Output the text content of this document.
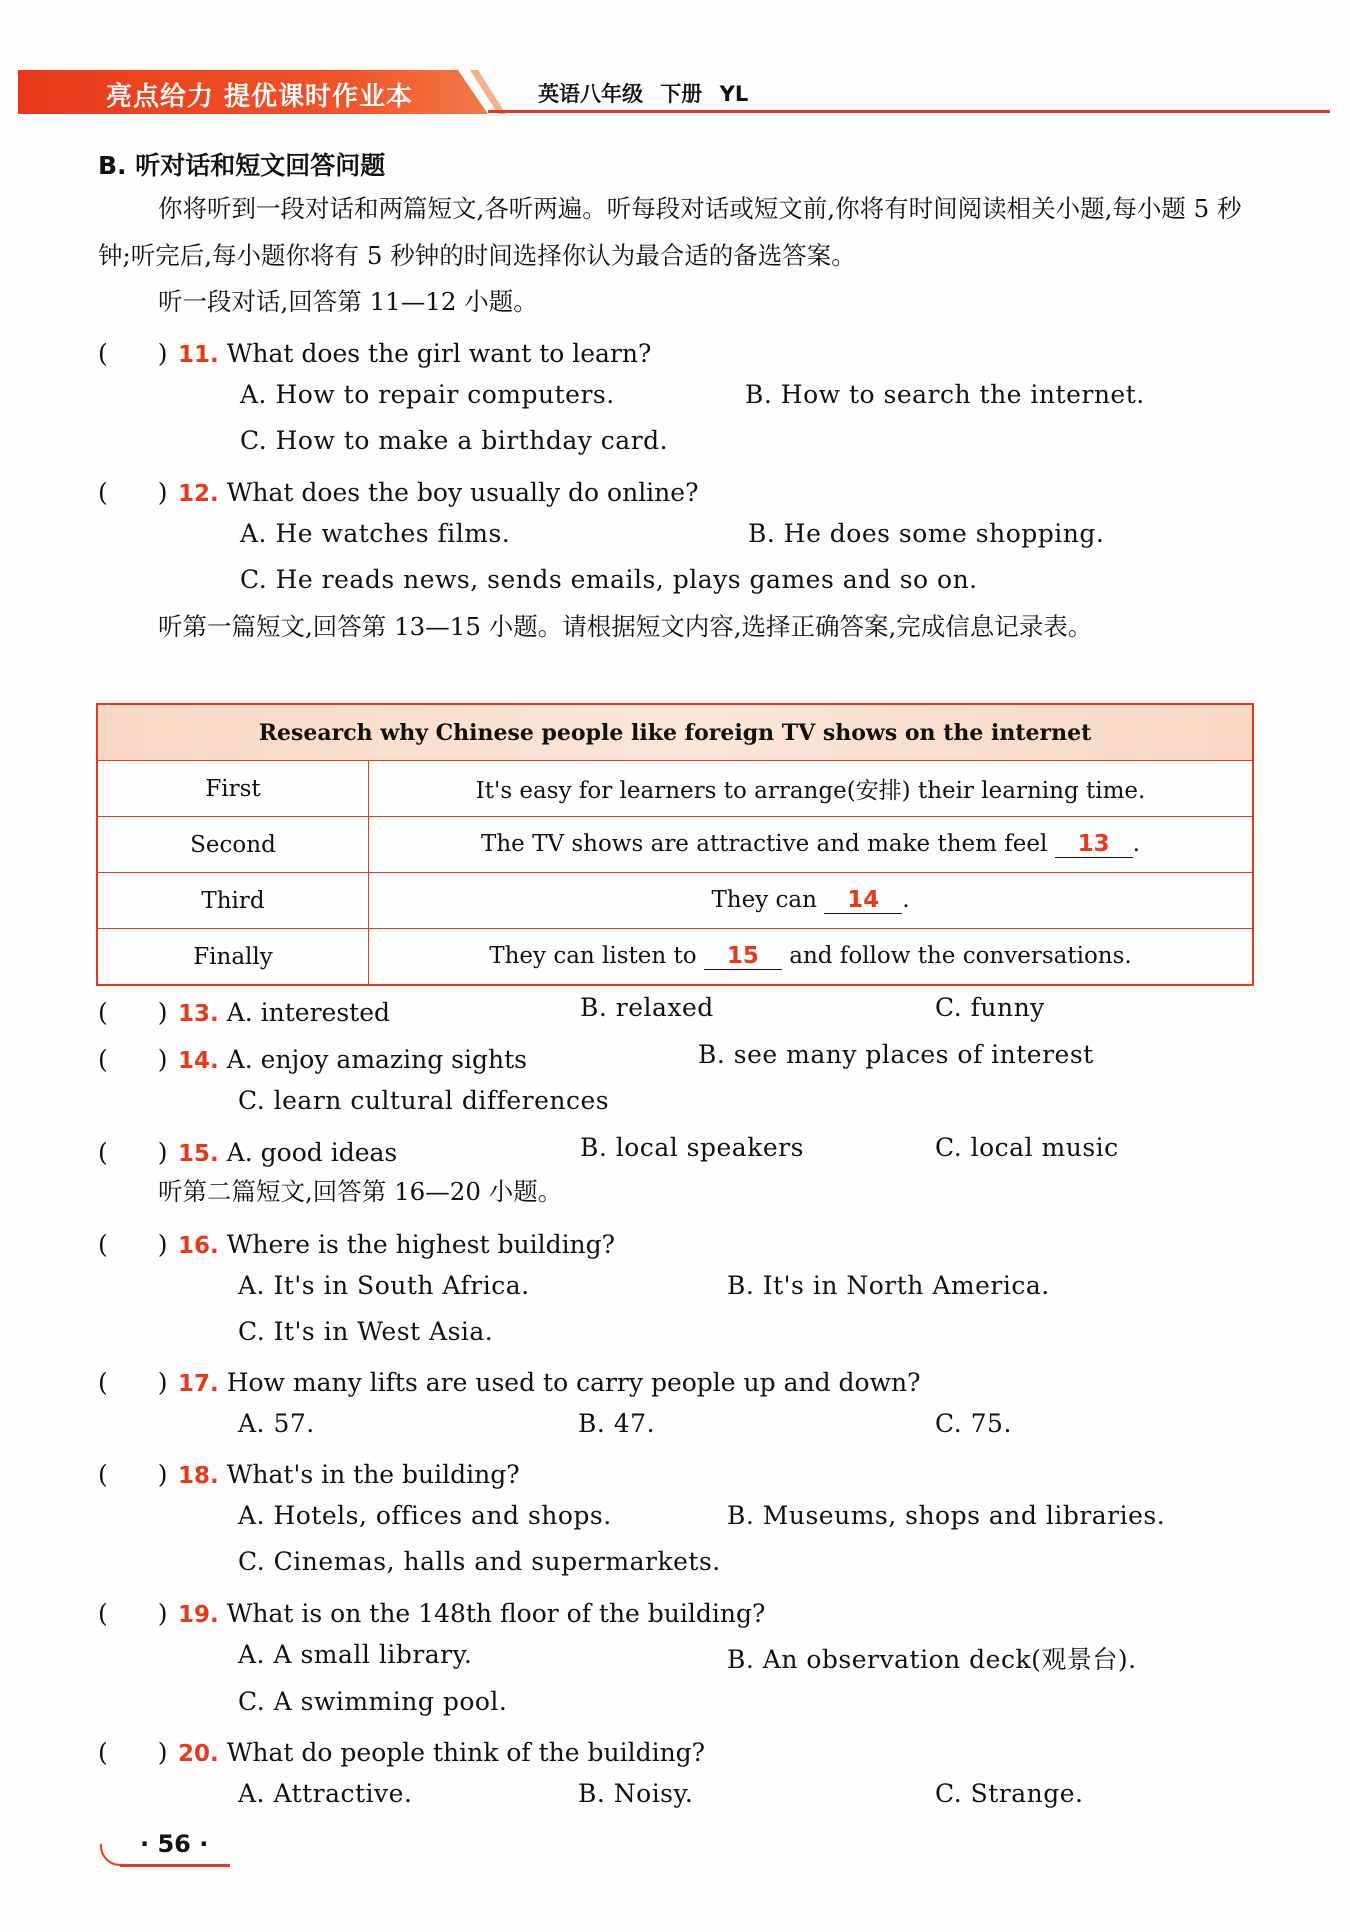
亮点给力 提优课时作业本	英语八年级 下册 YL
B. 听对话和短文回答问题
你将听到一段对话和两篇短文,各听两遍。听每段对话或短文前,你将有时间阅读相关小题,每小题 5 秒钟;听完后,每小题你将有 5 秒钟的时间选择你认为最合适的备选答案。
听一段对话,回答第 11—12 小题。
(　　) 11. What does the girl want to learn?
A. How to repair computers.	B. How to search the internet.
C. How to make a birthday card.
(　　) 12. What does the boy usually do online?
A. He watches films.	B. He does some shopping.
C. He reads news, sends emails, plays games and so on.
听第一篇短文,回答第 13—15 小题。请根据短文内容,选择正确答案,完成信息记录表。
Research why Chinese people like foreign TV shows on the internet	
First	It's easy for learners to arrange(安排) their learning time.
Second	The TV shows are attractive and make them feel 13 .
Third	They can 14 .
Finally	They can listen to 15 and follow the conversations.
(　　) 13. A. interested	B. relaxed	C. funny
(　　) 14. A. enjoy amazing sights	B. see many places of interest
C. learn cultural differences
(　　) 15. A. good ideas	B. local speakers	C. local music
听第二篇短文,回答第 16—20 小题。
(　　) 16. Where is the highest building?
A. It's in South Africa.	B. It's in North America.
C. It's in West Asia.
(　　) 17. How many lifts are used to carry people up and down?
A. 57.	B. 47.	C. 75.
(　　) 18. What's in the building?
A. Hotels, offices and shops.	B. Museums, shops and libraries.
C. Cinemas, halls and supermarkets.
(　　) 19. What is on the 148th floor of the building?
A. A small library.	B. An observation deck(观景台).
C. A swimming pool.
(　　) 20. What do people think of the building?
A. Attractive.	B. Noisy.	C. Strange.
· 56 ·
